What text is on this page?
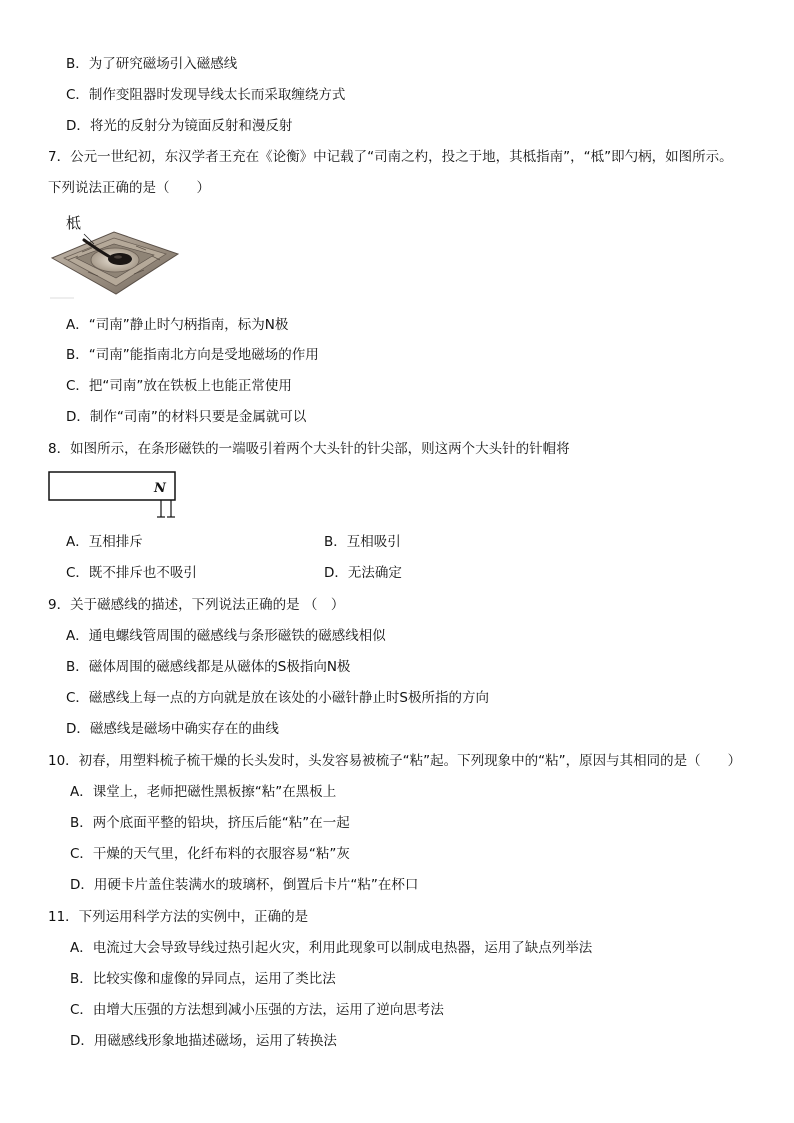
B．为了研究磁场引入磁感线
C．制作变阻器时发现导线太长而采取缠绕方式
D．将光的反射分为镜面反射和漫反射
7．公元一世纪初，东汉学者王充在《论衡》中记载了“司南之杓，投之于地，其柢指南”，“柢”即勺柄，如图所示。
下列说法正确的是（　　）
柢
A．“司南”静止时勺柄指南，标为N极
B．“司南”能指南北方向是受地磁场的作用
C．把“司南”放在铁板上也能正常使用
D．制作“司南”的材料只要是金属就可以
8．如图所示，在条形磁铁的一端吸引着两个大头针的针尖部，则这两个大头针的针帽将
N
A．互相排斥	B．互相吸引
C．既不排斥也不吸引	D．无法确定
9．关于磁感线的描述，下列说法正确的是 （　）
A．通电螺线管周围的磁感线与条形磁铁的磁感线相似
B．磁体周围的磁感线都是从磁体的S极指向N极
C．磁感线上每一点的方向就是放在该处的小磁针静止时S极所指的方向
D．磁感线是磁场中确实存在的曲线
10．初春，用塑料梳子梳干燥的长头发时，头发容易被梳子“粘”起。下列现象中的“粘”，原因与其相同的是（　　）
A．课堂上，老师把磁性黑板擦“粘”在黑板上
B．两个底面平整的铅块，挤压后能“粘”在一起
C．干燥的天气里，化纤布料的衣服容易“粘”灰
D．用硬卡片盖住装满水的玻璃杯，倒置后卡片“粘”在杯口
11．下列运用科学方法的实例中，正确的是
A．电流过大会导致导线过热引起火灾，利用此现象可以制成电热器，运用了缺点列举法
B．比较实像和虚像的异同点，运用了类比法
C．由增大压强的方法想到减小压强的方法，运用了逆向思考法
D．用磁感线形象地描述磁场，运用了转换法
